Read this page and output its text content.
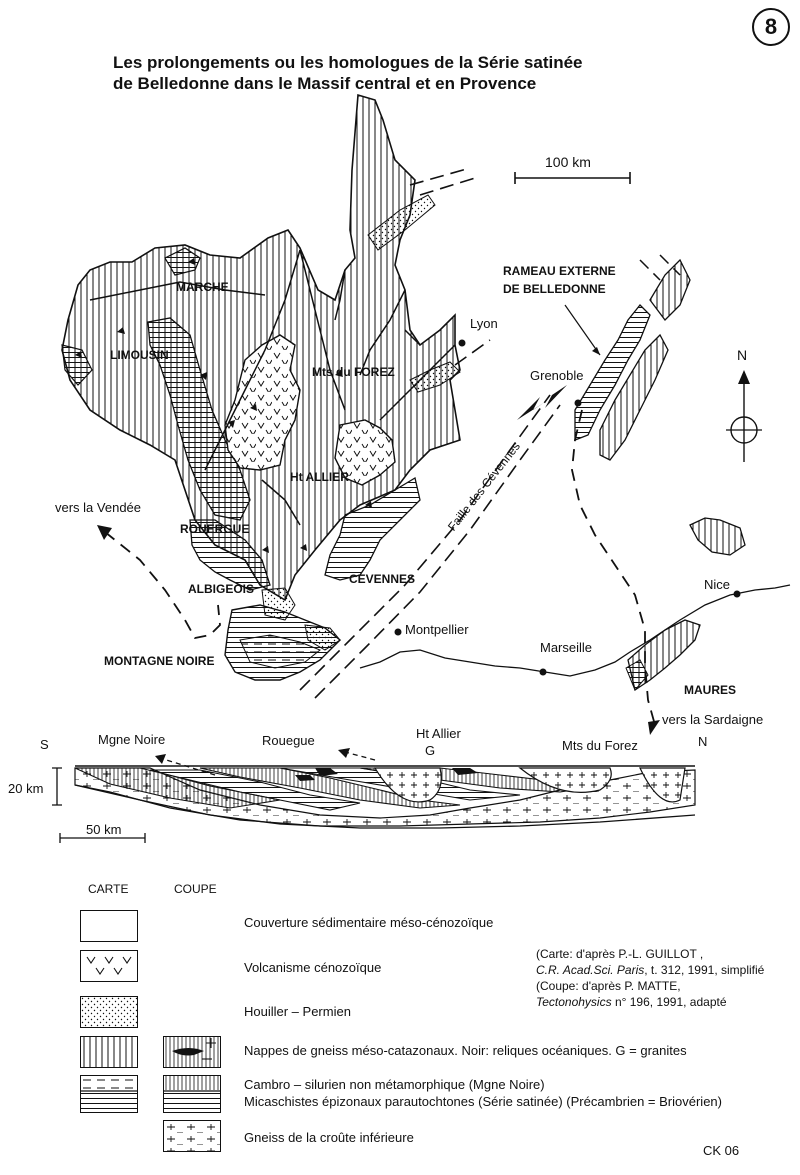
8
Les prolongements ou les homologues de la Série satinée
de Belledonne dans le Massif central et en Provence
100 km
N
MARCHE
LIMOUSIN
Mts du FOREZ
Lyon
RAMEAU EXTERNE
DE BELLEDONNE
Grenoble
Ht ALLIER
vers la Vendée
ROUERGUE
ALBIGEOIS
CEVENNES
Faille des Cévennes
Montpellier
Marseille
Nice
MONTAGNE NOIRE
MAURES
vers la Sardaigne
S	Mgne Noire	Rouegue	Ht Allier
G	Mts du Forez	N
20 km
50 km
CARTE	COUPE
Couverture sédimentaire méso-cénozoïque
Volcanisme cénozoïque
Houiller – Permien
Nappes de gneiss méso-catazonaux. Noir: reliques océaniques. G = granites
Cambro – silurien non métamorphique (Mgne Noire)
Micaschistes épizonaux parautochtones (Série satinée) (Précambrien = Briovérien)
Gneiss de la croûte inférieure
(Carte: d'après P.-L. GUILLOT ,
C.R. Acad.Sci. Paris, t. 312, 1991, simplifié
(Coupe: d'après P. MATTE,
Tectonohysics n° 196, 1991, adapté
CK 06
